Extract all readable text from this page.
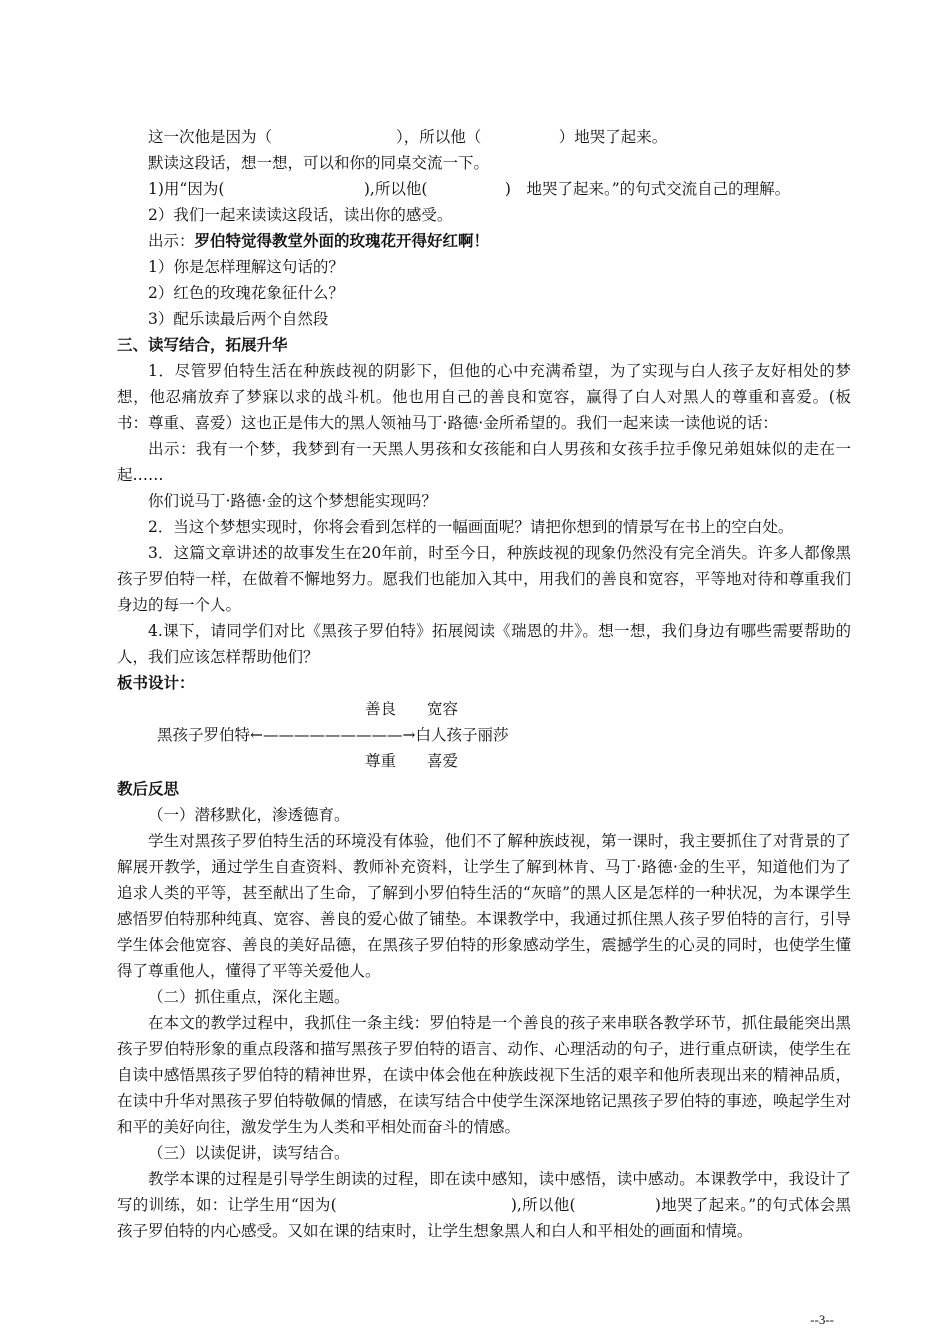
这一次他是因为（　　　　　　　　），所以他（　　　　　）地哭了起来。

默读这段话，想一想，可以和你的同桌交流一下。

1)用“因为(　　　　　　　　　),所以他(　　　　　)　地哭了起来。”的句式交流自己的理解。

2）我们一起来读读这段话，读出你的感受。

出示：罗伯特觉得教堂外面的玫瑰花开得好红啊！

1）你是怎样理解这句话的？

2）红色的玫瑰花象征什么？

3）配乐读最后两个自然段

三、读写结合，拓展升华

1．尽管罗伯特生活在种族歧视的阴影下，但他的心中充满希望，为了实现与白人孩子友好相处的梦想，他忍痛放弃了梦寐以求的战斗机。他也用自己的善良和宽容，赢得了白人对黑人的尊重和喜爱。(板书：尊重、喜爱）这也正是伟大的黑人领袖马丁·路德·金所希望的。我们一起来读一读他说的话：

出示：我有一个梦，我梦到有一天黑人男孩和女孩能和白人男孩和女孩手拉手像兄弟姐妹似的走在一起……

你们说马丁·路德·金的这个梦想能实现吗？

2．当这个梦想实现时，你将会看到怎样的一幅画面呢？请把你想到的情景写在书上的空白处。

3．这篇文章讲述的故事发生在20年前，时至今日，种族歧视的现象仍然没有完全消失。许多人都像黑孩子罗伯特一样，在做着不懈地努力。愿我们也能加入其中，用我们的善良和宽容，平等地对待和尊重我们身边的每一个人。

4.课下，请同学们对比《黑孩子罗伯特》拓展阅读《瑞恩的井》。想一想，我们身边有哪些需要帮助的人，我们应该怎样帮助他们？

板书设计：

善良　　宽容
黑孩子罗伯特←—————————→白人孩子丽莎
尊重　　喜爱

教后反思

（一）潜移默化，渗透德育。

学生对黑孩子罗伯特生活的环境没有体验，他们不了解种族歧视，第一课时，我主要抓住了对背景的了解展开教学，通过学生自查资料、教师补充资料，让学生了解到林肯、马丁·路德·金的生平，知道他们为了追求人类的平等，甚至献出了生命，了解到小罗伯特生活的“灰暗”的黑人区是怎样的一种状况，为本课学生感悟罗伯特那种纯真、宽容、善良的爱心做了铺垫。本课教学中，我通过抓住黑人孩子罗伯特的言行，引导学生体会他宽容、善良的美好品德，在黑孩子罗伯特的形象感动学生，震撼学生的心灵的同时，也使学生懂得了尊重他人，懂得了平等关爱他人。

（二）抓住重点，深化主题。

在本文的教学过程中，我抓住一条主线：罗伯特是一个善良的孩子来串联各教学环节，抓住最能突出黑孩子罗伯特形象的重点段落和描写黑孩子罗伯特的语言、动作、心理活动的句子，进行重点研读，使学生在自读中感悟黑孩子罗伯特的精神世界，在读中体会他在种族歧视下生活的艰辛和他所表现出来的精神品质，在读中升华对黑孩子罗伯特敬佩的情感，在读写结合中使学生深深地铭记黑孩子罗伯特的事迹，唤起学生对和平的美好向往，激发学生为人类和平相处而奋斗的情感。

（三）以读促讲，读写结合。

教学本课的过程是引导学生朗读的过程，即在读中感知，读中感悟，读中感动。本课教学中，我设计了写的训练，如：让学生用“因为(　　　　　　　　　　　),所以他(　　　　　)地哭了起来。”的句式体会黑孩子罗伯特的内心感受。又如在课的结束时，让学生想象黑人和白人和平相处的画面和情境。

--3--
